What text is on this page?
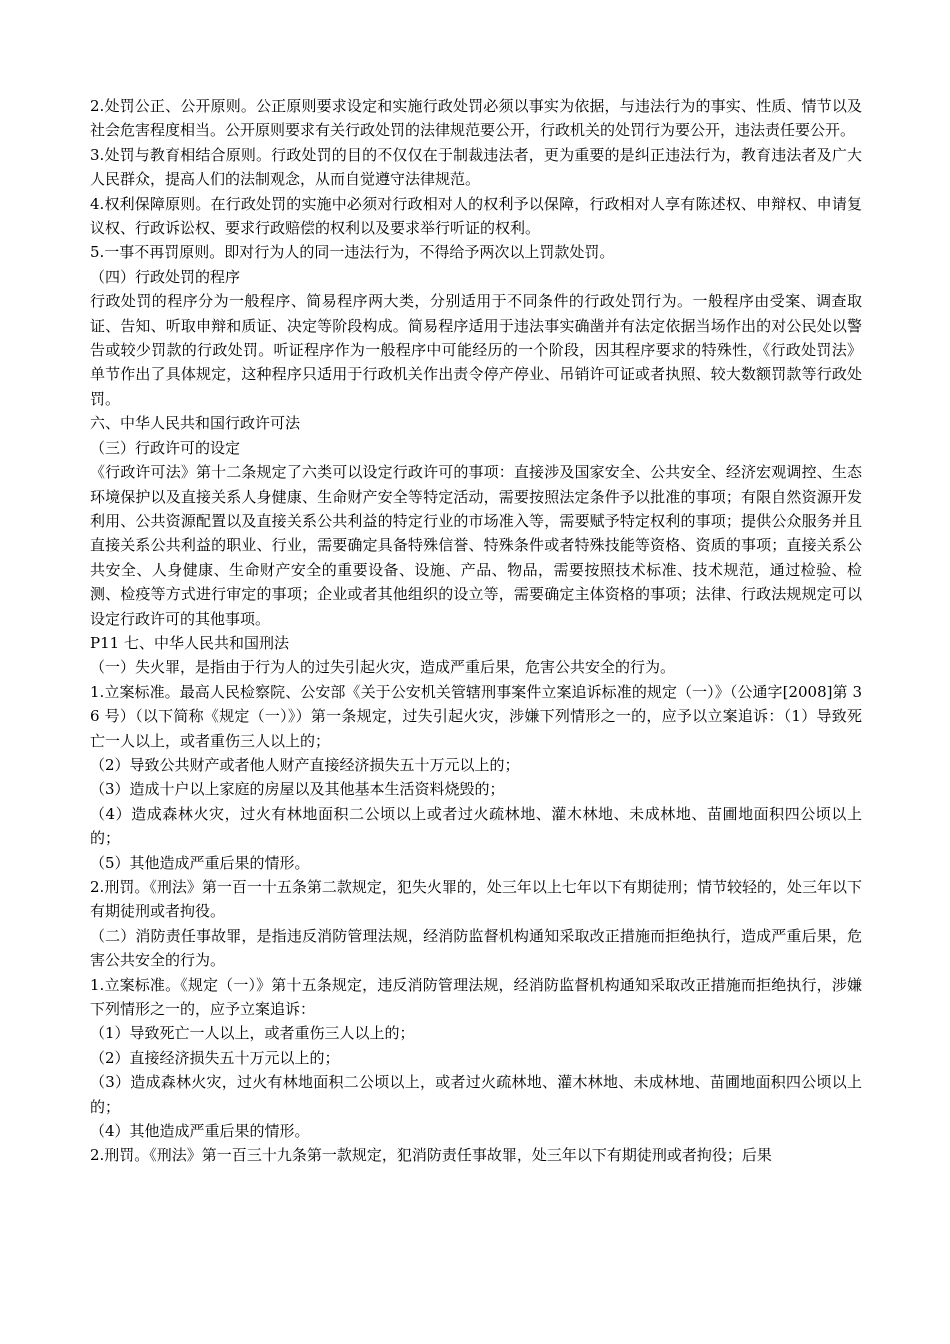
2.处罚公正、公开原则。公正原则要求设定和实施行政处罚必须以事实为依据，与违法行为的事实、性质、情节以及社会危害程度相当。公开原则要求有关行政处罚的法律规范要公开，行政机关的处罚行为要公开，违法责任要公开。

3.处罚与教育相结合原则。行政处罚的目的不仅仅在于制裁违法者，更为重要的是纠正违法行为，教育违法者及广大人民群众，提高人们的法制观念，从而自觉遵守法律规范。

4.权利保障原则。在行政处罚的实施中必须对行政相对人的权利予以保障，行政相对人享有陈述权、申辩权、申请复议权、行政诉讼权、要求行政赔偿的权利以及要求举行听证的权利。

5.一事不再罚原则。即对行为人的同一违法行为，不得给予两次以上罚款处罚。

（四）行政处罚的程序

行政处罚的程序分为一般程序、简易程序两大类，分别适用于不同条件的行政处罚行为。一般程序由受案、调查取证、告知、听取申辩和质证、决定等阶段构成。简易程序适用于违法事实确凿并有法定依据当场作出的对公民处以警告或较少罚款的行政处罚。听证程序作为一般程序中可能经历的一个阶段，因其程序要求的特殊性，《行政处罚法》单节作出了具体规定，这种程序只适用于行政机关作出责令停产停业、吊销许可证或者执照、较大数额罚款等行政处罚。

六、中华人民共和国行政许可法

（三）行政许可的设定

《行政许可法》第十二条规定了六类可以设定行政许可的事项：直接涉及国家安全、公共安全、经济宏观调控、生态环境保护以及直接关系人身健康、生命财产安全等特定活动，需要按照法定条件予以批准的事项；有限自然资源开发利用、公共资源配置以及直接关系公共利益的特定行业的市场准入等，需要赋予特定权利的事项；提供公众服务并且直接关系公共利益的职业、行业，需要确定具备特殊信誉、特殊条件或者特殊技能等资格、资质的事项；直接关系公共安全、人身健康、生命财产安全的重要设备、设施、产品、物品，需要按照技术标准、技术规范，通过检验、检测、检疫等方式进行审定的事项；企业或者其他组织的设立等，需要确定主体资格的事项；法律、行政法规规定可以设定行政许可的其他事项。

P11 七、中华人民共和国刑法

（一）失火罪，是指由于行为人的过失引起火灾，造成严重后果，危害公共安全的行为。

1.立案标准。最高人民检察院、公安部《关于公安机关管辖刑事案件立案追诉标准的规定（一）》（公通字[2008]第 36 号）（以下简称《规定（一）》）第一条规定，过失引起火灾，涉嫌下列情形之一的，应予以立案追诉：（1）导致死亡一人以上，或者重伤三人以上的；

（2）导致公共财产或者他人财产直接经济损失五十万元以上的；

（3）造成十户以上家庭的房屋以及其他基本生活资料烧毁的；

（4）造成森林火灾，过火有林地面积二公顷以上或者过火疏林地、灌木林地、未成林地、苗圃地面积四公顷以上的；

（5）其他造成严重后果的情形。

2.刑罚。《刑法》第一百一十五条第二款规定，犯失火罪的，处三年以上七年以下有期徒刑；情节较轻的，处三年以下有期徒刑或者拘役。

（二）消防责任事故罪，是指违反消防管理法规，经消防监督机构通知采取改正措施而拒绝执行，造成严重后果，危害公共安全的行为。

1.立案标准。《规定（一）》第十五条规定，违反消防管理法规，经消防监督机构通知采取改正措施而拒绝执行，涉嫌下列情形之一的，应予立案追诉：

（1）导致死亡一人以上，或者重伤三人以上的；

（2）直接经济损失五十万元以上的；

（3）造成森林火灾，过火有林地面积二公顷以上，或者过火疏林地、灌木林地、未成林地、苗圃地面积四公顷以上的；

（4）其他造成严重后果的情形。

2.刑罚。《刑法》第一百三十九条第一款规定，犯消防责任事故罪，处三年以下有期徒刑或者拘役；后果
